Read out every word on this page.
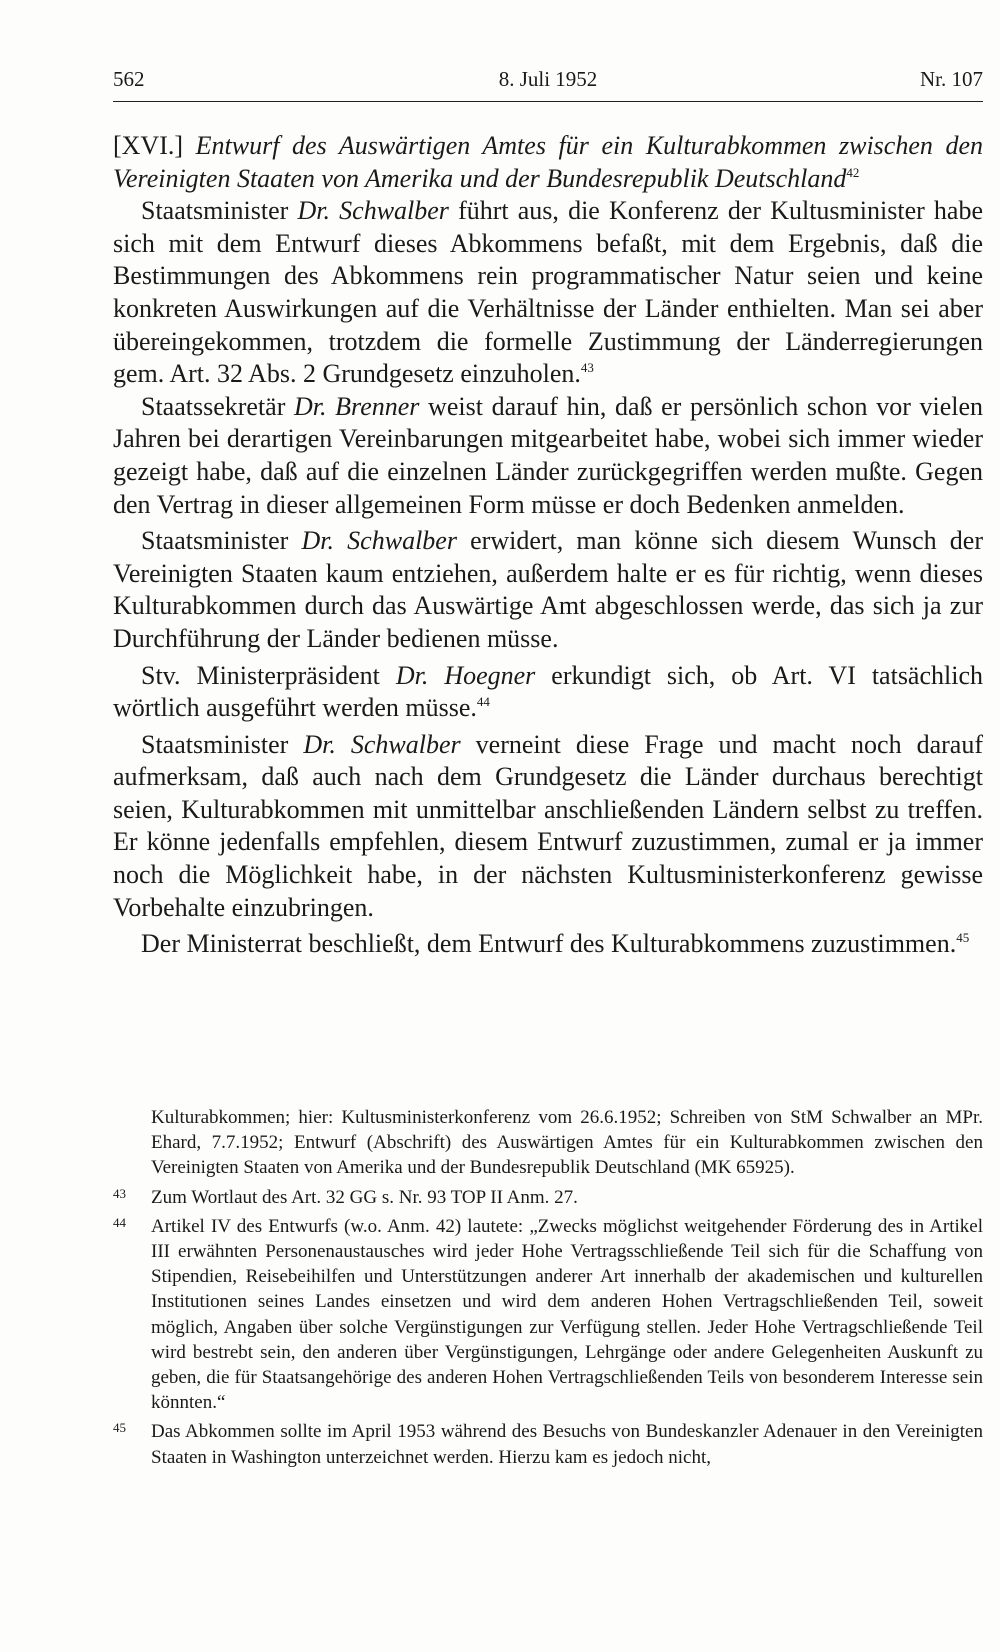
562	8. Juli 1952	Nr. 107

[XVI.] Entwurf des Auswärtigen Amtes für ein Kulturabkommen zwischen den Vereinigten Staaten von Amerika und der Bundesrepublik Deutschland$^{42}$

Staatsminister Dr. Schwalber führt aus, die Konferenz der Kultusminister habe sich mit dem Entwurf dieses Abkommens befaßt, mit dem Ergebnis, daß die Bestimmungen des Abkommens rein programmatischer Natur seien und keine konkreten Auswirkungen auf die Verhältnisse der Länder enthielten. Man sei aber übereingekommen, trotzdem die formelle Zustimmung der Länderregierungen gem. Art. 32 Abs. 2 Grundgesetz einzuholen.$^{43}$

Staatssekretär Dr. Brenner weist darauf hin, daß er persönlich schon vor vielen Jahren bei derartigen Vereinbarungen mitgearbeitet habe, wobei sich immer wieder gezeigt habe, daß auf die einzelnen Länder zurückgegriffen werden mußte. Gegen den Vertrag in dieser allgemeinen Form müsse er doch Bedenken anmelden.

Staatsminister Dr. Schwalber erwidert, man könne sich diesem Wunsch der Vereinigten Staaten kaum entziehen, außerdem halte er es für richtig, wenn dieses Kulturabkommen durch das Auswärtige Amt abgeschlossen werde, das sich ja zur Durchführung der Länder bedienen müsse.

Stv. Ministerpräsident Dr. Hoegner erkundigt sich, ob Art. VI tatsächlich wörtlich ausgeführt werden müsse.$^{44}$

Staatsminister Dr. Schwalber verneint diese Frage und macht noch darauf aufmerksam, daß auch nach dem Grundgesetz die Länder durchaus berechtigt seien, Kulturabkommen mit unmittelbar anschließenden Ländern selbst zu treffen. Er könne jedenfalls empfehlen, diesem Entwurf zuzustimmen, zumal er ja immer noch die Möglichkeit habe, in der nächsten Kultusministerkonferenz gewisse Vorbehalte einzubringen.

Der Ministerrat beschließt, dem Entwurf des Kulturabkommens zuzustimmen.$^{45}$

Kulturabkommen; hier: Kultusministerkonferenz vom 26.6.1952; Schreiben von StM Schwalber an MPr. Ehard, 7.7.1952; Entwurf (Abschrift) des Auswärtigen Amtes für ein Kulturabkommen zwischen den Vereinigten Staaten von Amerika und der Bundesrepublik Deutschland (MK 65925).
43 Zum Wortlaut des Art. 32 GG s. Nr. 93 TOP II Anm. 27.
44 Artikel IV des Entwurfs (w.o. Anm. 42) lautete: „Zwecks möglichst weitgehender Förderung des in Artikel III erwähnten Personenaustausches wird jeder Hohe Vertragsschließende Teil sich für die Schaffung von Stipendien, Reisebeihilfen und Unterstützungen anderer Art innerhalb der akademischen und kulturellen Institutionen seines Landes einsetzen und wird dem anderen Hohen Vertragschließenden Teil, soweit möglich, Angaben über solche Vergünstigungen zur Verfügung stellen. Jeder Hohe Vertragschließende Teil wird bestrebt sein, den anderen über Vergünstigungen, Lehrgänge oder andere Gelegenheiten Auskunft zu geben, die für Staatsangehörige des anderen Hohen Vertragschließenden Teils von besonderem Interesse sein könnten.“
45 Das Abkommen sollte im April 1953 während des Besuchs von Bundeskanzler Adenauer in den Vereinigten Staaten in Washington unterzeichnet werden. Hierzu kam es jedoch nicht,
